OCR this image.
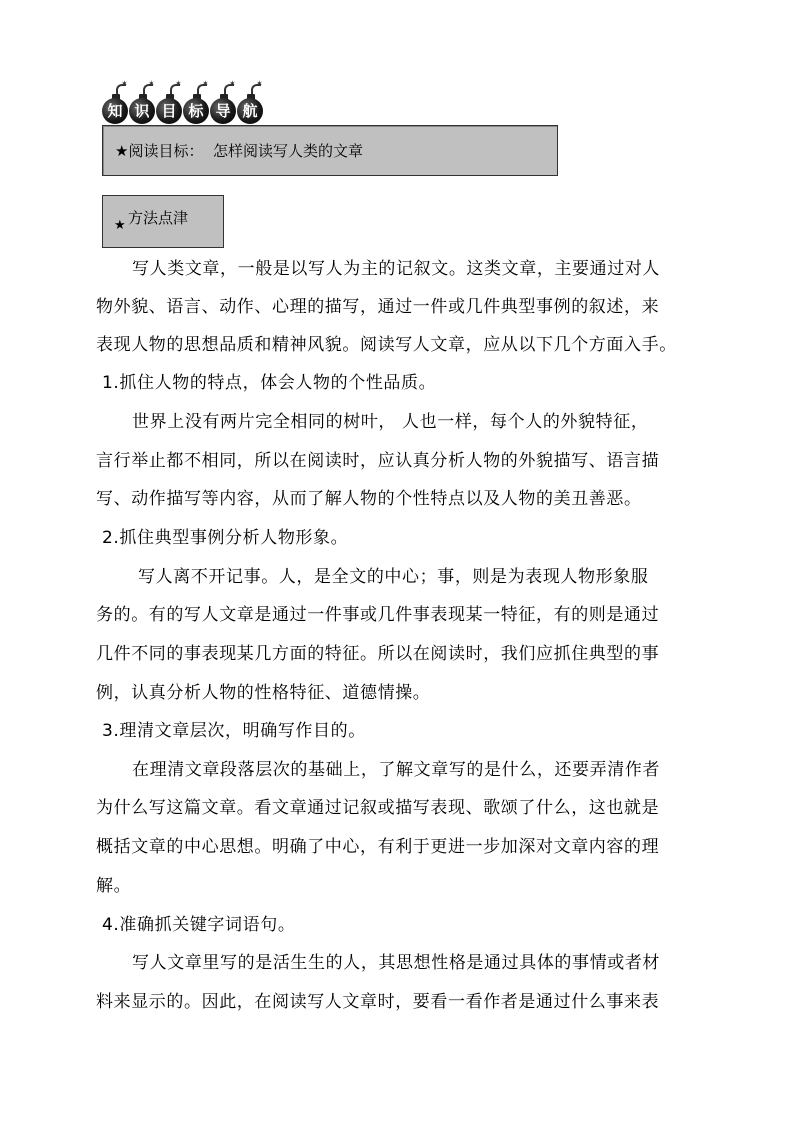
✶
知
✶
识
✶
目
✶
标
✶
导
✶
航
★阅读目标：  怎样阅读写人类的文章
★ 方法点津
写人类文章，一般是以写人为主的记叙文。这类文章，主要通过对人
物外貌、语言、动作、心理的描写，通过一件或几件典型事例的叙述，来
表现人物的思想品质和精神风貌。阅读写人文章，应从以下几个方面入手。
1.抓住人物的特点，体会人物的个性品质。
世界上没有两片完全相同的树叶， 人也一样，每个人的外貌特征，
言行举止都不相同，所以在阅读时，应认真分析人物的外貌描写、语言描
写、动作描写等内容，从而了解人物的个性特点以及人物的美丑善恶。
2.抓住典型事例分析人物形象。
写人离不开记事。人，是全文的中心；事，则是为表现人物形象服
务的。有的写人文章是通过一件事或几件事表现某一特征，有的则是通过
几件不同的事表现某几方面的特征。所以在阅读时，我们应抓住典型的事
例，认真分析人物的性格特征、道德情操。
3.理清文章层次，明确写作目的。
在理清文章段落层次的基础上，了解文章写的是什么，还要弄清作者
为什么写这篇文章。看文章通过记叙或描写表现、歌颂了什么，这也就是
概括文章的中心思想。明确了中心，有利于更进一步加深对文章内容的理
解。
4.准确抓关键字词语句。
写人文章里写的是活生生的人，其思想性格是通过具体的事情或者材
料来显示的。因此，在阅读写人文章时，要看一看作者是通过什么事来表
